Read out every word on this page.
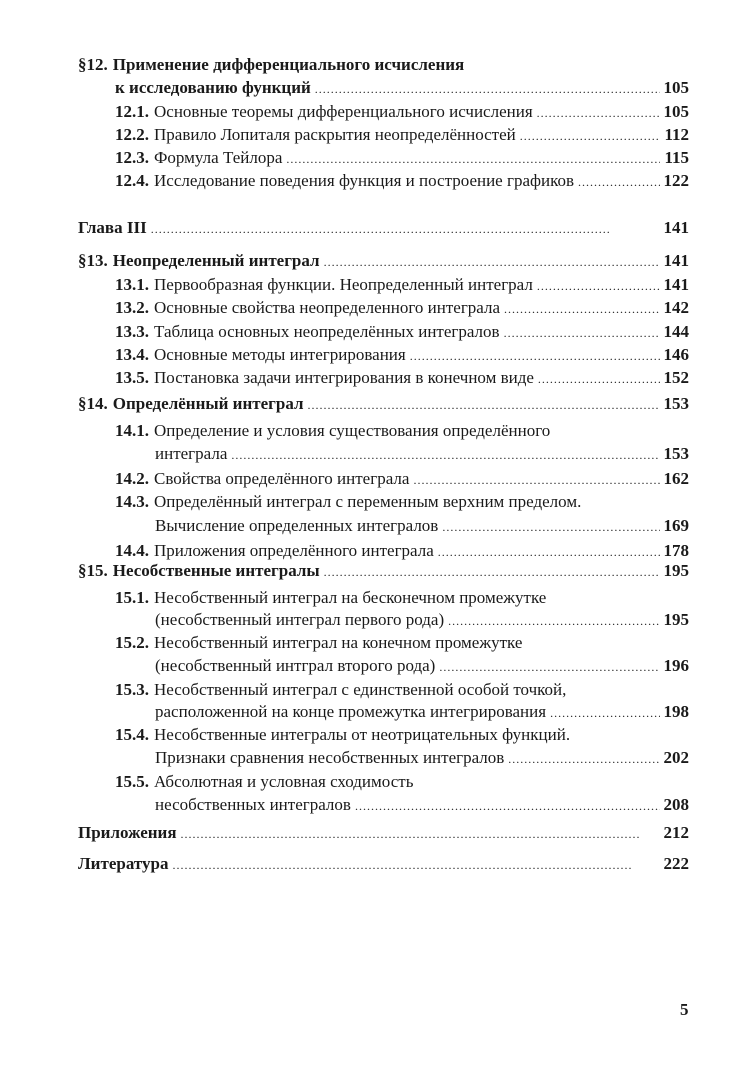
§12. Применение дифференциального исчисления
к исследованию функций . . .	105
12.1. Основные теоремы дифференциального исчисления . . .	105
12.2. Правило Лопиталя раскрытия неопределённостей . . .	112
12.3. Формула Тейлора . . .	115
12.4. Исследование поведения функция и построение графиков . . .	122
Глава III . . .	141
§13. Неопределенный интеграл . . .	141
13.1. Первообразная функции. Неопределенный интеграл . . .	141
13.2. Основные свойства неопределенного интеграла . . .	142
13.3. Таблица основных неопределённых интегралов . . .	144
13.4. Основные методы интегрирования . . .	146
13.5. Постановка задачи интегрирования в конечном виде . . .	152
§14. Определённый интеграл . . .	153
14.1. Определение и условия существования определённого
интеграла . . .	153
14.2. Свойства определённого интеграла . . .	162
14.3. Определённый интеграл с переменным верхним пределом.
Вычисление определенных интегралов . . .	169
14.4. Приложения определённого интеграла . . .	178
§15. Несобственные интегралы . . .	195
15.1. Несобственный интеграл на бесконечном промежутке
(несобственный интеграл первого рода) . . .	195
15.2. Несобственный интеграл на конечном промежутке
(несобственный интграл второго рода) . . .	196
15.3. Несобственный интеграл с единственной особой точкой,
расположенной на конце промежутка интегрирования . . .	198
15.4. Несобственные интегралы от неотрицательных функций.
Признаки сравнения несобственных интегралов . . .	202
15.5. Абсолютная и условная сходимость
несобственных интегралов . . .	208
Приложения . . .	212
Литература . . .	222
5
